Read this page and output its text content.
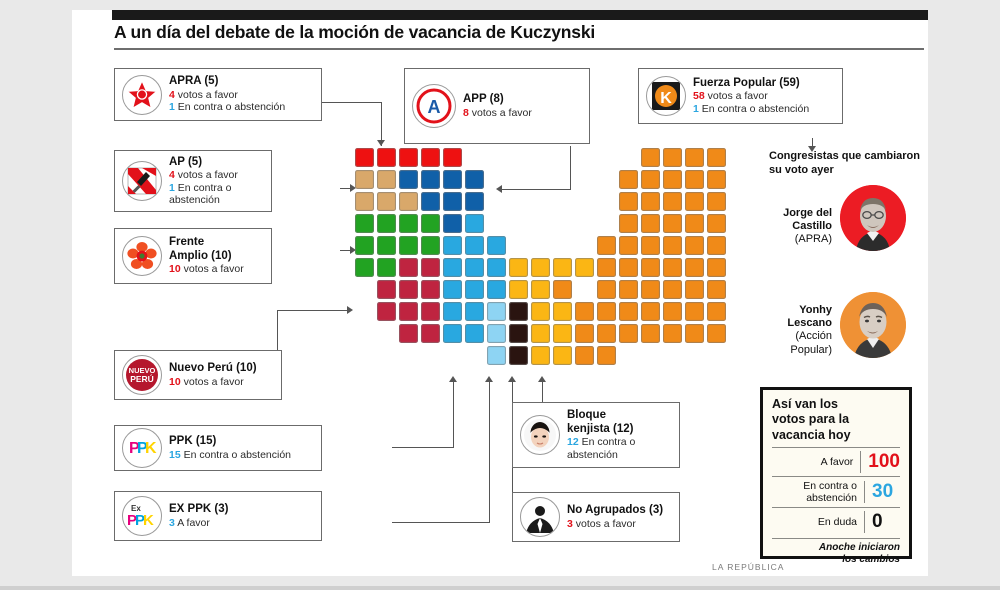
A un día del debate de la moción de vacancia de Kuczynski
APRA (5)
4 votos a favor
1 En contra o abstención
AP (5)
4 votos a favor
1 En contra o abstención
Frente
Amplio (10)
10 votos a favor
NUEVO
PERÚ
Nuevo Perú (10)
10 votos a favor
P
P
K PPK (15)
15 En contra o abstención
Ex
P
P
K
EX PPK (3)
3 A favor
A APP (8)
8 votos a favor
K
Fuerza Popular (59)
58 votos a favor
1 En contra o abstención
Bloque
kenjista (12)
12 En contra o abstención
No Agrupados (3)
3 votos a favor
Congresistas que cambiaron
su voto ayer
Jorge del
Castillo
(APRA)
Yonhy
Lescano
(Acción
Popular)
Así van los
votos para la
vacancia hoy
A favor 100
En contra o
abstención 30
En duda 0
Anoche iniciaron
los cambios
LA REPÚBLICA
